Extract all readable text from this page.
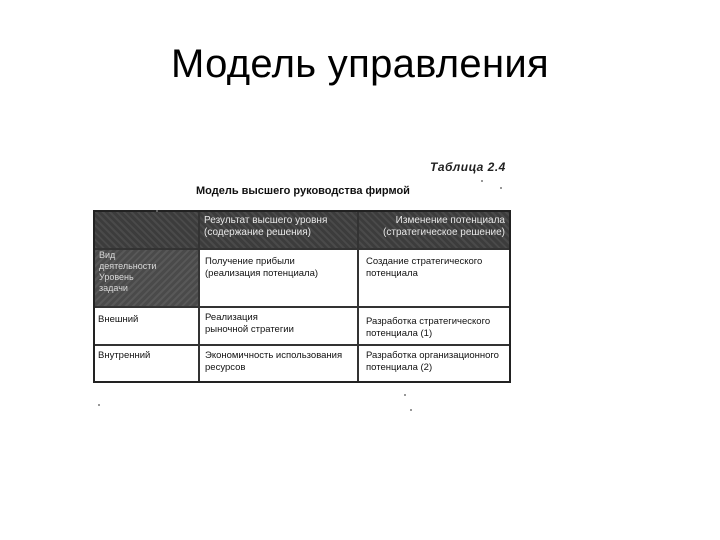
Модель управления
Таблица 2.4
Модель высшего руководства фирмой
Результат высшего уровня
(содержание решения)
Изменение потенциала
(стратегическое решение)
Вид
деятельности
Уровень
задачи
Получение прибыли
(реализация потенциала)
Создание стратегического
потенциала
Внешний	Реализация
рыночной стратегии
Разработка стратегического
потенциала (1)
Внутренний	Экономичность использования
ресурсов
Разработка организационного
потенциала (2)
